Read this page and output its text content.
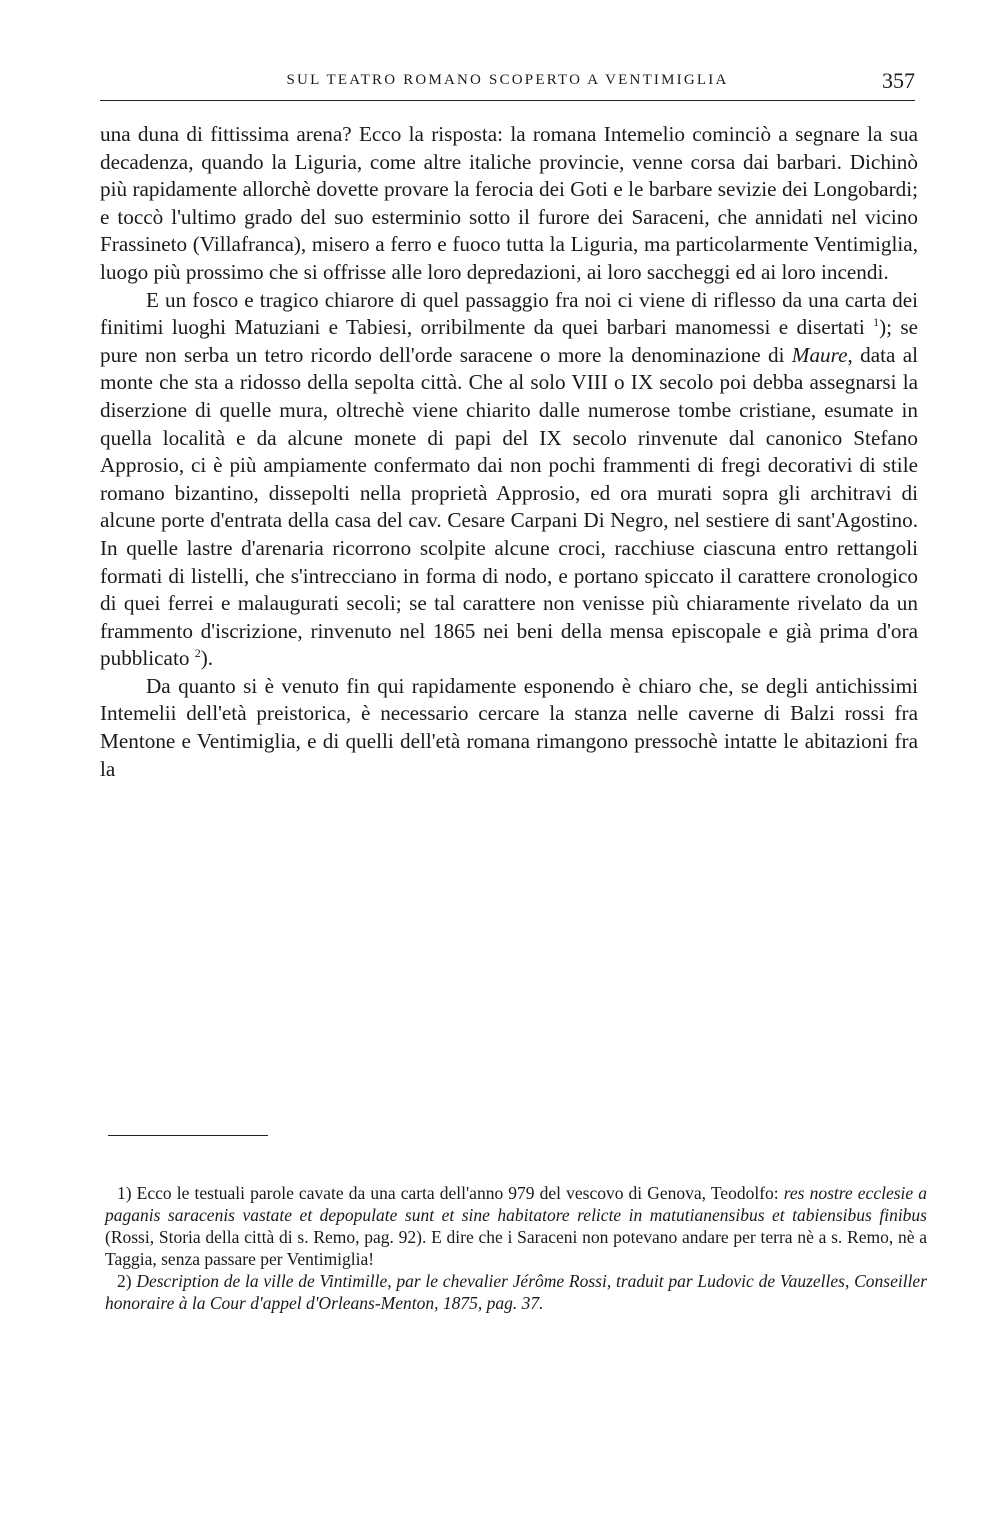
SUL TEATRO ROMANO SCOPERTO A VENTIMIGLIA	357

una duna di fittissima arena? Ecco la risposta: la romana Intemelio cominciò a segnare la sua decadenza, quando la Liguria, come altre italiche provincie, venne corsa dai barbari. Dichinò più rapidamente allorchè dovette provare la ferocia dei Goti e le barbare sevizie dei Longobardi; e toccò l'ultimo grado del suo esterminio sotto il furore dei Saraceni, che annidati nel vicino Frassineto (Villafranca), misero a ferro e fuoco tutta la Liguria, ma particolarmente Ventimiglia, luogo più prossimo che si offrisse alle loro depredazioni, ai loro saccheggi ed ai loro incendi.

E un fosco e tragico chiarore di quel passaggio fra noi ci viene di riflesso da una carta dei finitimi luoghi Matuziani e Tabiesi, orribilmente da quei barbari manomessi e disertati $^1$); se pure non serba un tetro ricordo dell'orde saracene o more la denominazione di Maure, data al monte che sta a ridosso della sepolta città. Che al solo VIII o IX secolo poi debba assegnarsi la diserzione di quelle mura, oltrechè viene chiarito dalle numerose tombe cristiane, esumate in quella località e da alcune monete di papi del IX secolo rinvenute dal canonico Stefano Approsio, ci è più ampiamente confermato dai non pochi frammenti di fregi decorativi di stile romano bizantino, dissepolti nella proprietà Approsio, ed ora murati sopra gli architravi di alcune porte d'entrata della casa del cav. Cesare Carpani Di Negro, nel sestiere di sant'Agostino. In quelle lastre d'arenaria ricorrono scolpite alcune croci, racchiuse ciascuna entro rettangoli formati di listelli, che s'intrecciano in forma di nodo, e portano spiccato il carattere cronologico di quei ferrei e malaugurati secoli; se tal carattere non venisse più chiaramente rivelato da un frammento d'iscrizione, rinvenuto nel 1865 nei beni della mensa episcopale e già prima d'ora pubblicato $^2$).

Da quanto si è venuto fin qui rapidamente esponendo è chiaro che, se degli antichissimi Intemelii dell'età preistorica, è necessario cercare la stanza nelle caverne di Balzi rossi fra Mentone e Ventimiglia, e di quelli dell'età romana rimangono pressochè intatte le abitazioni fra la

1) Ecco le testuali parole cavate da una carta dell'anno 979 del vescovo di Genova, Teodolfo: res nostre ecclesie a paganis saracenis vastate et depopulate sunt et sine habitatore relicte in matutianensibus et tabiensibus finibus (Rossi, Storia della città di s. Remo, pag. 92). E dire che i Saraceni non potevano andare per terra nè a s. Remo, nè a Taggia, senza passare per Ventimiglia!

2) Description de la ville de Vintimille, par le chevalier Jérôme Rossi, traduit par Ludovic de Vauzelles, Conseiller honoraire à la Cour d'appel d'Orleans-Menton, 1875, pag. 37.
